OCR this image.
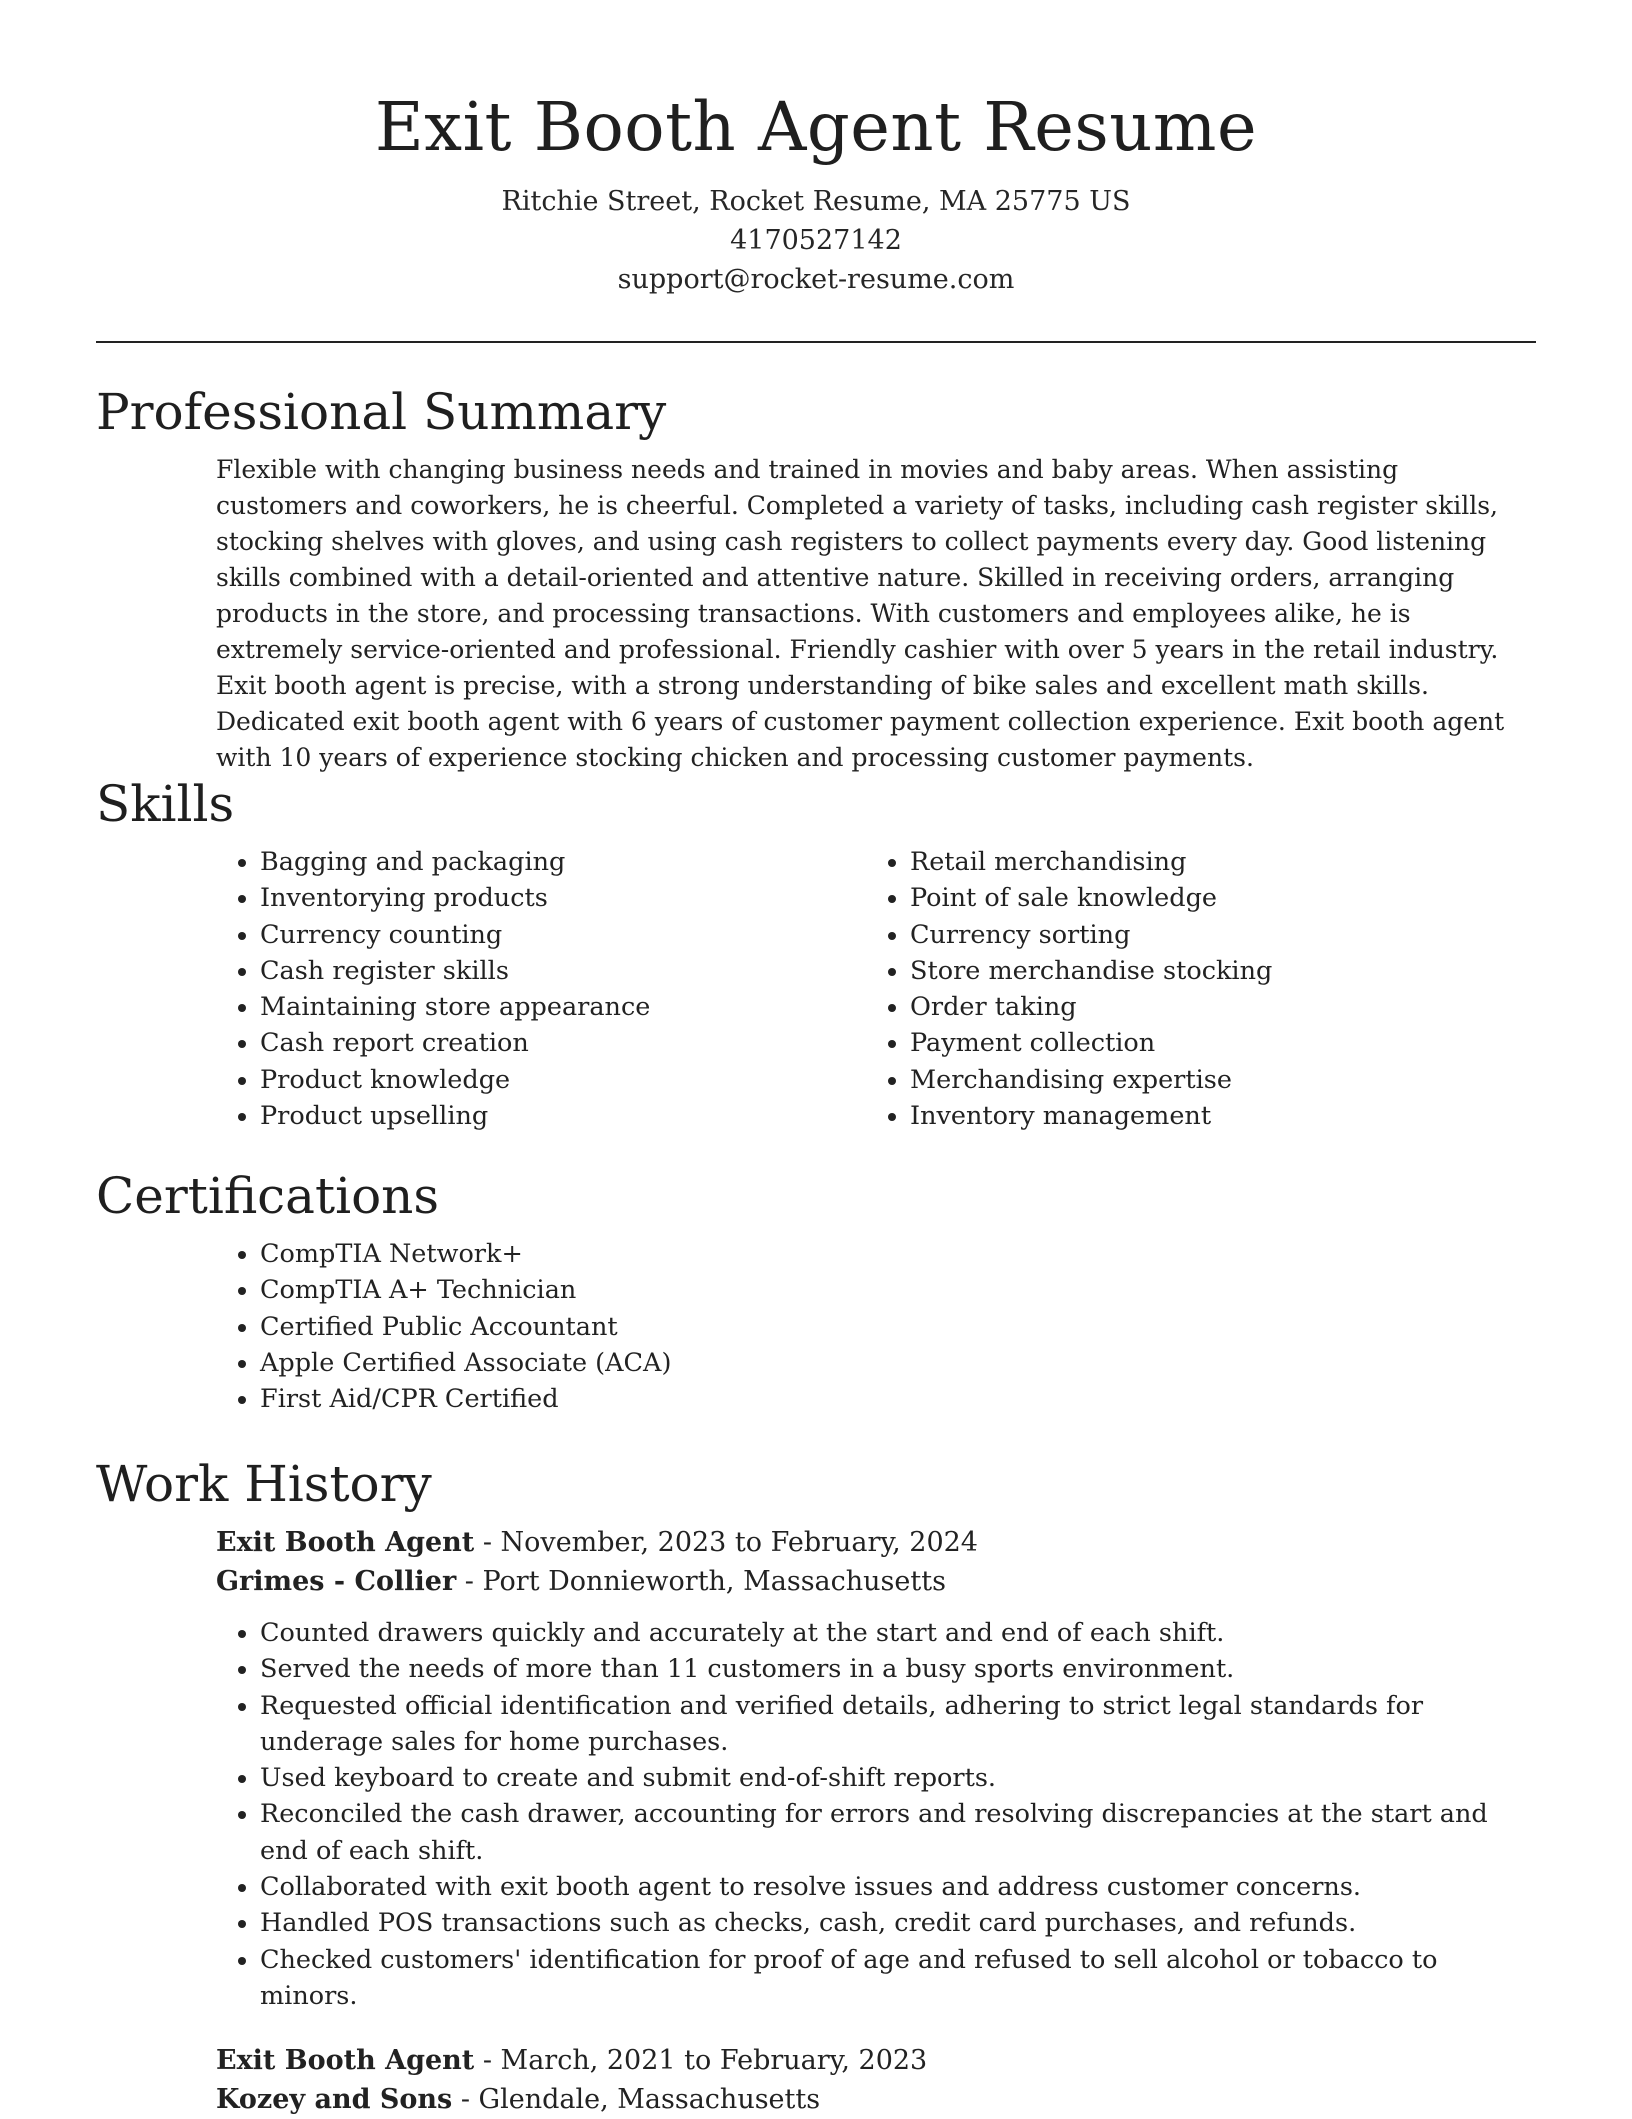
Exit Booth Agent Resume
Ritchie Street, Rocket Resume, MA 25775 US
4170527142
support@rocket-resume.com
Professional Summary

Flexible with changing business needs and trained in movies and baby areas. When assisting customers and coworkers, he is cheerful. Completed a variety of tasks, including cash register skills, stocking shelves with gloves, and using cash registers to collect payments every day. Good listening skills combined with a detail-oriented and attentive nature. Skilled in receiving orders, arranging products in the store, and processing transactions. With customers and employees alike, he is extremely service-oriented and professional. Friendly cashier with over 5 years in the retail industry. Exit booth agent is precise, with a strong understanding of bike sales and excellent math skills. Dedicated exit booth agent with 6 years of customer payment collection experience. Exit booth agent with 10 years of experience stocking chicken and processing customer payments.

Skills
• Bagging and packaging
• Inventorying products
• Currency counting
• Cash register skills
• Maintaining store appearance
• Cash report creation
• Product knowledge
• Product upselling
• Retail merchandising
• Point of sale knowledge
• Currency sorting
• Store merchandise stocking
• Order taking
• Payment collection
• Merchandising expertise
• Inventory management
Certifications
• CompTIA Network+
• CompTIA A+ Technician
• Certified Public Accountant
• Apple Certified Associate (ACA)
• First Aid/CPR Certified
Work History
Exit Booth Agent - November, 2023 to February, 2024
Grimes - Collier - Port Donnieworth, Massachusetts
• Counted drawers quickly and accurately at the start and end of each shift.
• Served the needs of more than 11 customers in a busy sports environment.
• Requested official identification and verified details, adhering to strict legal standards for underage sales for home purchases.
• Used keyboard to create and submit end-of-shift reports.
• Reconciled the cash drawer, accounting for errors and resolving discrepancies at the start and end of each shift.
• Collaborated with exit booth agent to resolve issues and address customer concerns.
• Handled POS transactions such as checks, cash, credit card purchases, and refunds.
• Checked customers' identification for proof of age and refused to sell alcohol or tobacco to minors.
Exit Booth Agent - March, 2021 to February, 2023
Kozey and Sons - Glendale, Massachusetts
